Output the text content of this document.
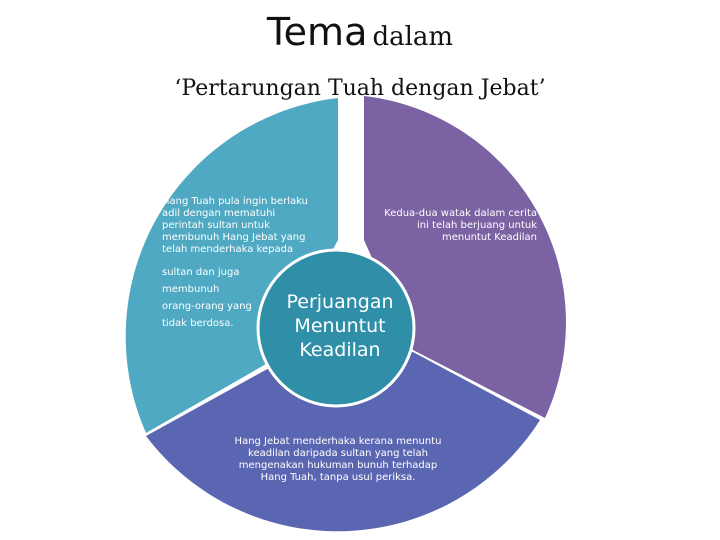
Tema dalam
‘Pertarungan Tuah dengan Jebat’
Hang Tuah pula ingin berlaku
adil dengan mematuhi
perintah sultan untuk
membunuh Hang Jebat yang
telah menderhaka kepada
sultan dan juga
membunuh
orang-orang yang
tidak berdosa.
Kedua-dua watak dalam cerita
ini telah berjuang untuk
menuntut Keadilan
Hang Jebat menderhaka kerana menuntu
keadilan daripada sultan yang telah
mengenakan hukuman bunuh terhadap
Hang Tuah, tanpa usul periksa.
Perjuangan
Menuntut
Keadilan
